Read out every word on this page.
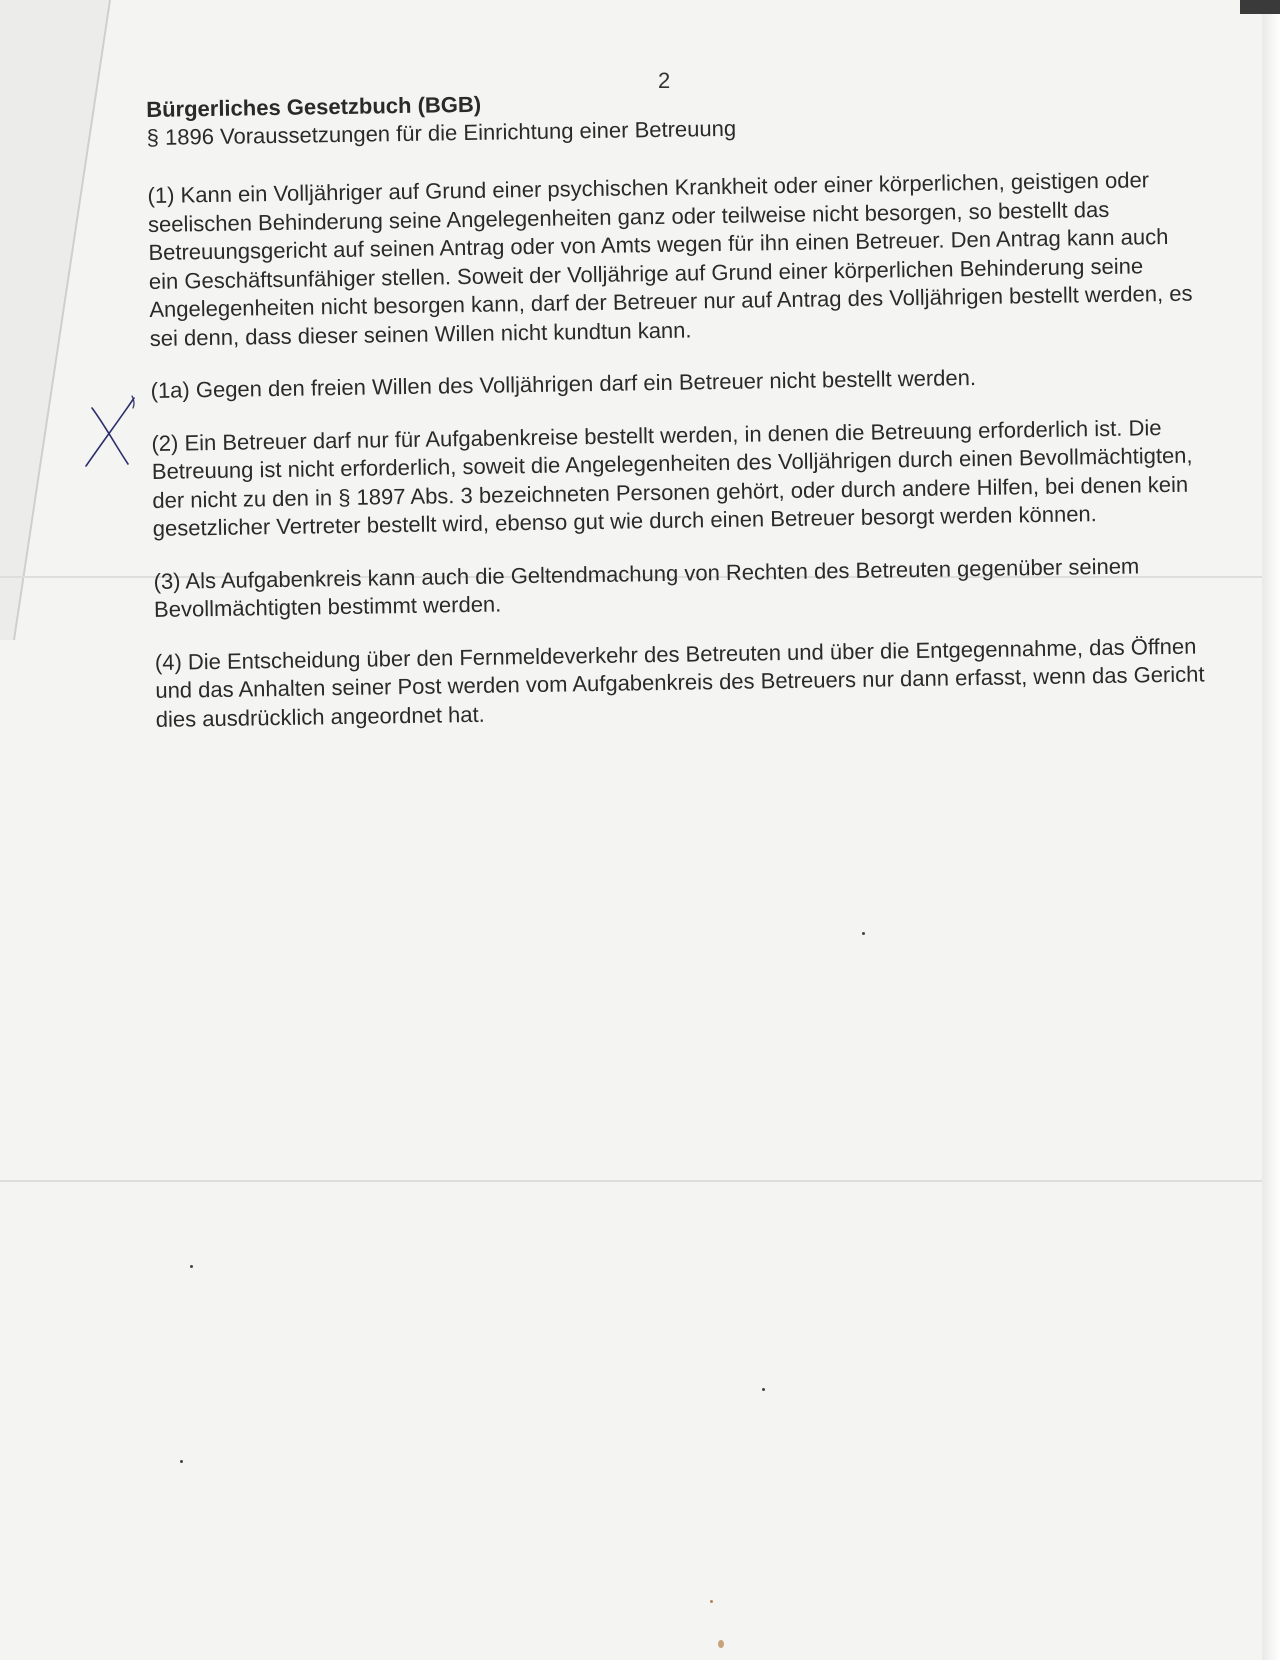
2

Bürgerliches Gesetzbuch (BGB)

§ 1896 Voraussetzungen für die Einrichtung einer Betreuung

(1) Kann ein Volljähriger auf Grund einer psychischen Krankheit oder einer körperlichen, geistigen oder seelischen Behinderung seine Angelegenheiten ganz oder teilweise nicht besorgen, so bestellt das Betreuungsgericht auf seinen Antrag oder von Amts wegen für ihn einen Betreuer. Den Antrag kann auch ein Geschäftsunfähiger stellen. Soweit der Volljährige auf Grund einer körperlichen Behinderung seine Angelegenheiten nicht besorgen kann, darf der Betreuer nur auf Antrag des Volljährigen bestellt werden, es sei denn, dass dieser seinen Willen nicht kundtun kann.

(1a) Gegen den freien Willen des Volljährigen darf ein Betreuer nicht bestellt werden.

(2) Ein Betreuer darf nur für Aufgabenkreise bestellt werden, in denen die Betreuung erforderlich ist. Die Betreuung ist nicht erforderlich, soweit die Angelegenheiten des Volljährigen durch einen Bevollmächtigten, der nicht zu den in § 1897 Abs. 3 bezeichneten Personen gehört, oder durch andere Hilfen, bei denen kein gesetzlicher Vertreter bestellt wird, ebenso gut wie durch einen Betreuer besorgt werden können.

(3) Als Aufgabenkreis kann auch die Geltendmachung von Rechten des Betreuten gegenüber seinem Bevollmächtigten bestimmt werden.

(4) Die Entscheidung über den Fernmeldeverkehr des Betreuten und über die Entgegennahme, das Öffnen und das Anhalten seiner Post werden vom Aufgabenkreis des Betreuers nur dann erfasst, wenn das Gericht dies ausdrücklich angeordnet hat.
